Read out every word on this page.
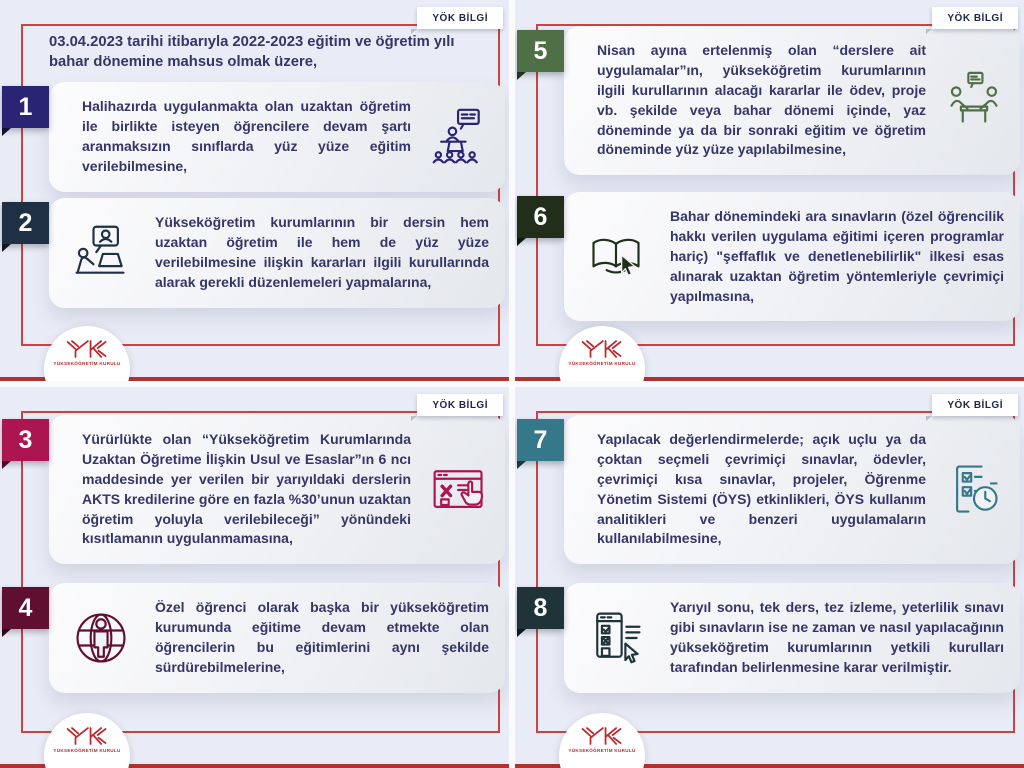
YÖK BİLGİ

03.04.2023 tarihi itibarıyla 2022-2023 eğitim ve öğretim yılı bahar dönemine mahsus olmak üzere,

1	Halihazırda uygulanmakta olan uzaktan öğretim ile birlikte isteyen öğrencilere devam şartı aranmaksızın sınıflarda yüz yüze eğitim verilebilmesine,

2	Yükseköğretim kurumlarının bir dersin hem uzaktan öğretim ile hem de yüz yüze verilebilmesine ilişkin kararları ilgili kurullarında alarak gerekli düzenlemeleri yapmalarına,

YÜKSEKÖĞRETİM KURULU
YÖK BİLGİ
5	Nisan ayına ertelenmiş olan “derslere ait uygulamalar”ın, yükseköğretim kurumlarının ilgili kurullarının alacağı kararlar ile ödev, proje vb. şekilde veya bahar dönemi içinde, yaz döneminde ya da bir sonraki eğitim ve öğretim döneminde yüz yüze yapılabilmesine,

6	Bahar dönemindeki ara sınavların (özel öğrencilik hakkı verilen uygulama eğitimi içeren programlar hariç) "şeffaflık ve denetlenebilirlik" ilkesi esas alınarak uzaktan öğretim yöntemleriyle çevrimiçi yapılmasına,

YÜKSEKÖĞRETİM KURULU
YÖK BİLGİ
3	Yürürlükte olan “Yükseköğretim Kurumlarında Uzaktan Öğretime İlişkin Usul ve Esaslar”ın 6 ncı maddesinde yer verilen bir yarıyıldaki derslerin AKTS kredilerine göre en fazla %30’unun uzaktan öğretim yoluyla verilebileceği” yönündeki kısıtlamanın uygulanmamasına,

4	Özel öğrenci olarak başka bir yükseköğretim kurumunda eğitime devam etmekte olan öğrencilerin bu eğitimlerini aynı şekilde sürdürebilmelerine,

YÜKSEKÖĞRETİM KURULU
YÖK BİLGİ
7	Yapılacak değerlendirmelerde; açık uçlu ya da çoktan seçmeli çevrimiçi sınavlar, ödevler, çevrimiçi kısa sınavlar, projeler, Öğrenme Yönetim Sistemi (ÖYS) etkinlikleri, ÖYS kullanım analitikleri ve benzeri uygulamaların kullanılabilmesine,

8	Yarıyıl sonu, tek ders, tez izleme, yeterlilik sınavı gibi sınavların ise ne zaman ve nasıl yapılacağının yükseköğretim kurumlarının yetkili kurulları tarafından belirlenmesine karar verilmiştir.

YÜKSEKÖĞRETİM KURULU
